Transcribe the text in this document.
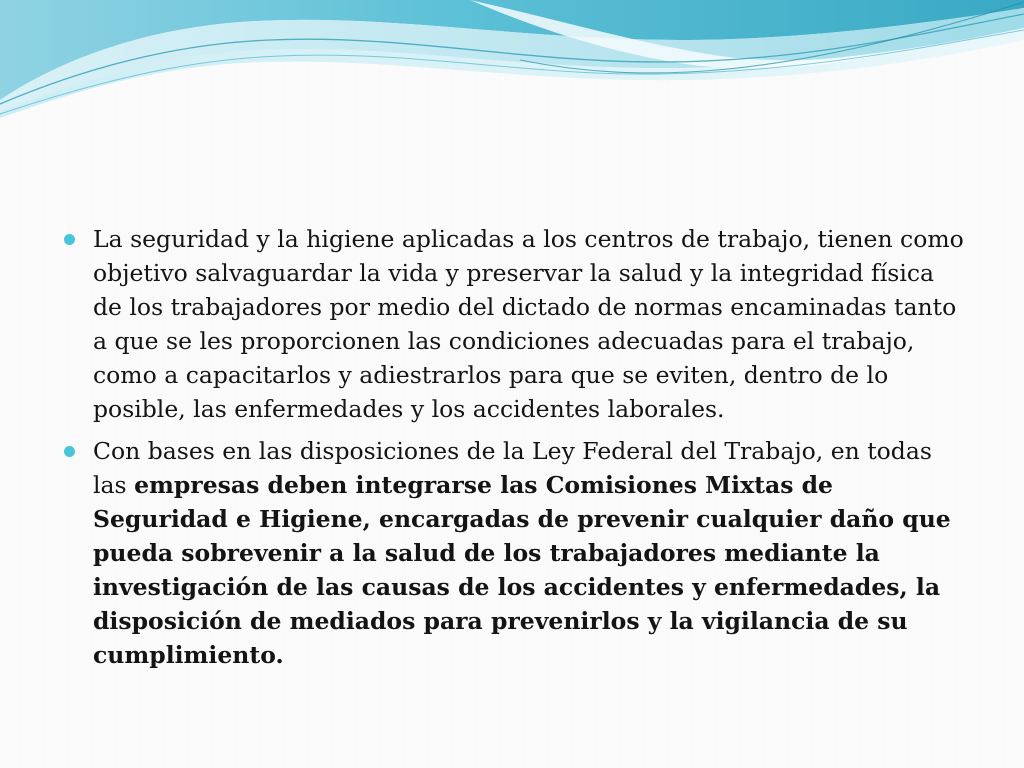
La seguridad y la higiene aplicadas a los centros de trabajo, tienen como objetivo salvaguardar la vida y preservar la salud y la integridad física de los trabajadores por medio del dictado de normas encaminadas tanto a que se les proporcionen las condiciones adecuadas para el trabajo, como a capacitarlos y adiestrarlos para que se eviten, dentro de lo posible, las enfermedades y los accidentes laborales.
Con bases en las disposiciones de la Ley Federal del Trabajo, en todas las empresas deben integrarse las Comisiones Mixtas de Seguridad e Higiene, encargadas de prevenir cualquier daño que pueda sobrevenir a la salud de los trabajadores mediante la investigación de las causas de los accidentes y enfermedades, la disposición de mediados para prevenirlos y la vigilancia de su cumplimiento.
